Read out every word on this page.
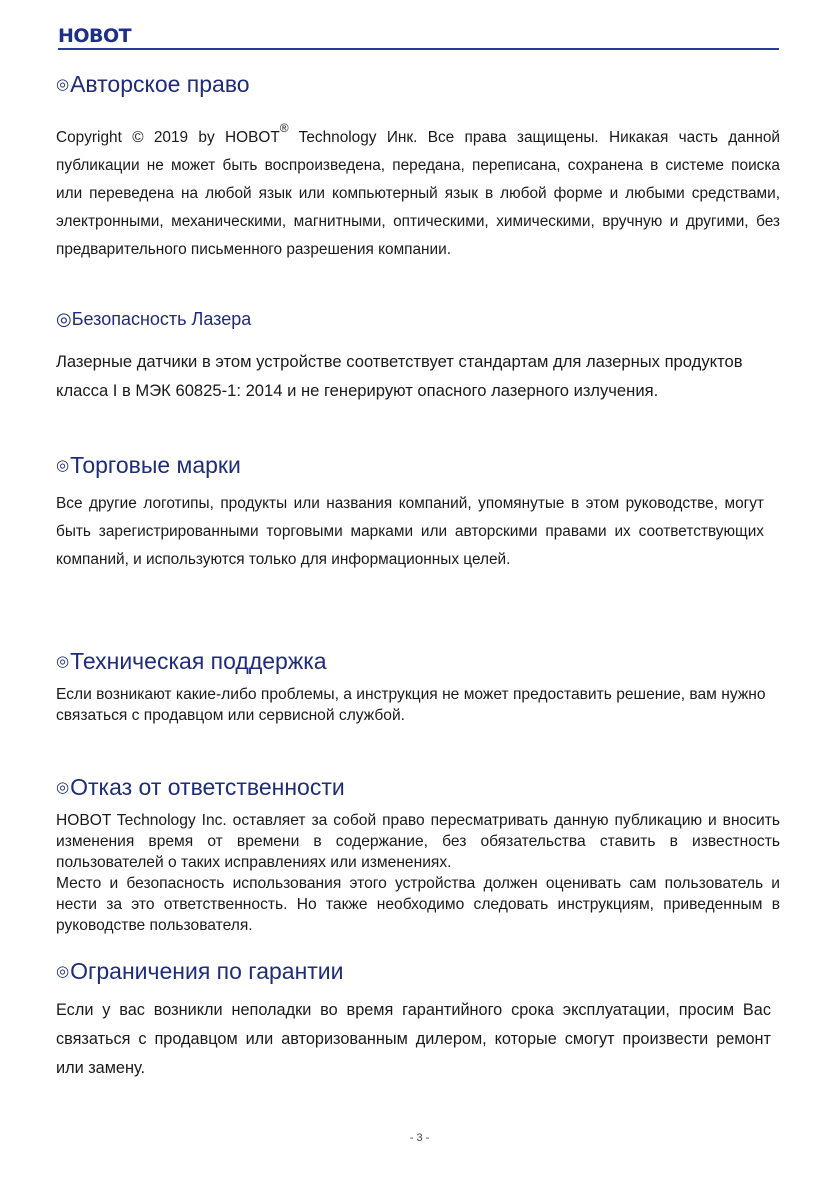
HOBOT
◎Авторское право

Copyright © 2019 by HOBOT® Technology Инк. Все права защищены. Никакая часть данной публикации не может быть воспроизведена, передана, переписана, сохранена в системе поиска или переведена на любой язык или компьютерный язык в любой форме и любыми средствами, электронными, механическими, магнитными, оптическими, химическими, вручную и другими, без предварительного письменного разрешения компании.

◎Безопасность Лазера

Лазерные датчики в этом устройстве соответствует стандартам для лазерных продуктов класса I в МЭК 60825-1: 2014 и не генерируют опасного лазерного излучения.

◎Торговые марки

Все другие логотипы, продукты или названия компаний, упомянутые в этом руководстве, могут быть зарегистрированными торговыми марками или авторскими правами их соответствующих компаний, и используются только для информационных целей.

◎Техническая поддержка

Если возникают какие-либо проблемы, а инструкция не может предоставить решение, вам нужно связаться с продавцом или сервисной службой.

◎Отказ от ответственности

HOBOT Technology Inc. оставляет за собой право пересматривать данную публикацию и вносить изменения время от времени в содержание, без обязательства ставить в известность пользователей о таких исправлениях или изменениях.

Место и безопасность использования этого устройства должен оценивать сам пользователь и нести за это ответственность. Но также необходимо следовать инструкциям, приведенным в руководстве пользователя.

◎Ограничения по гарантии

Если у вас возникли неполадки во время гарантийного срока эксплуатации, просим Вас связаться с продавцом или авторизованным дилером, которые смогут произвести ремонт или замену.

- 3 -
